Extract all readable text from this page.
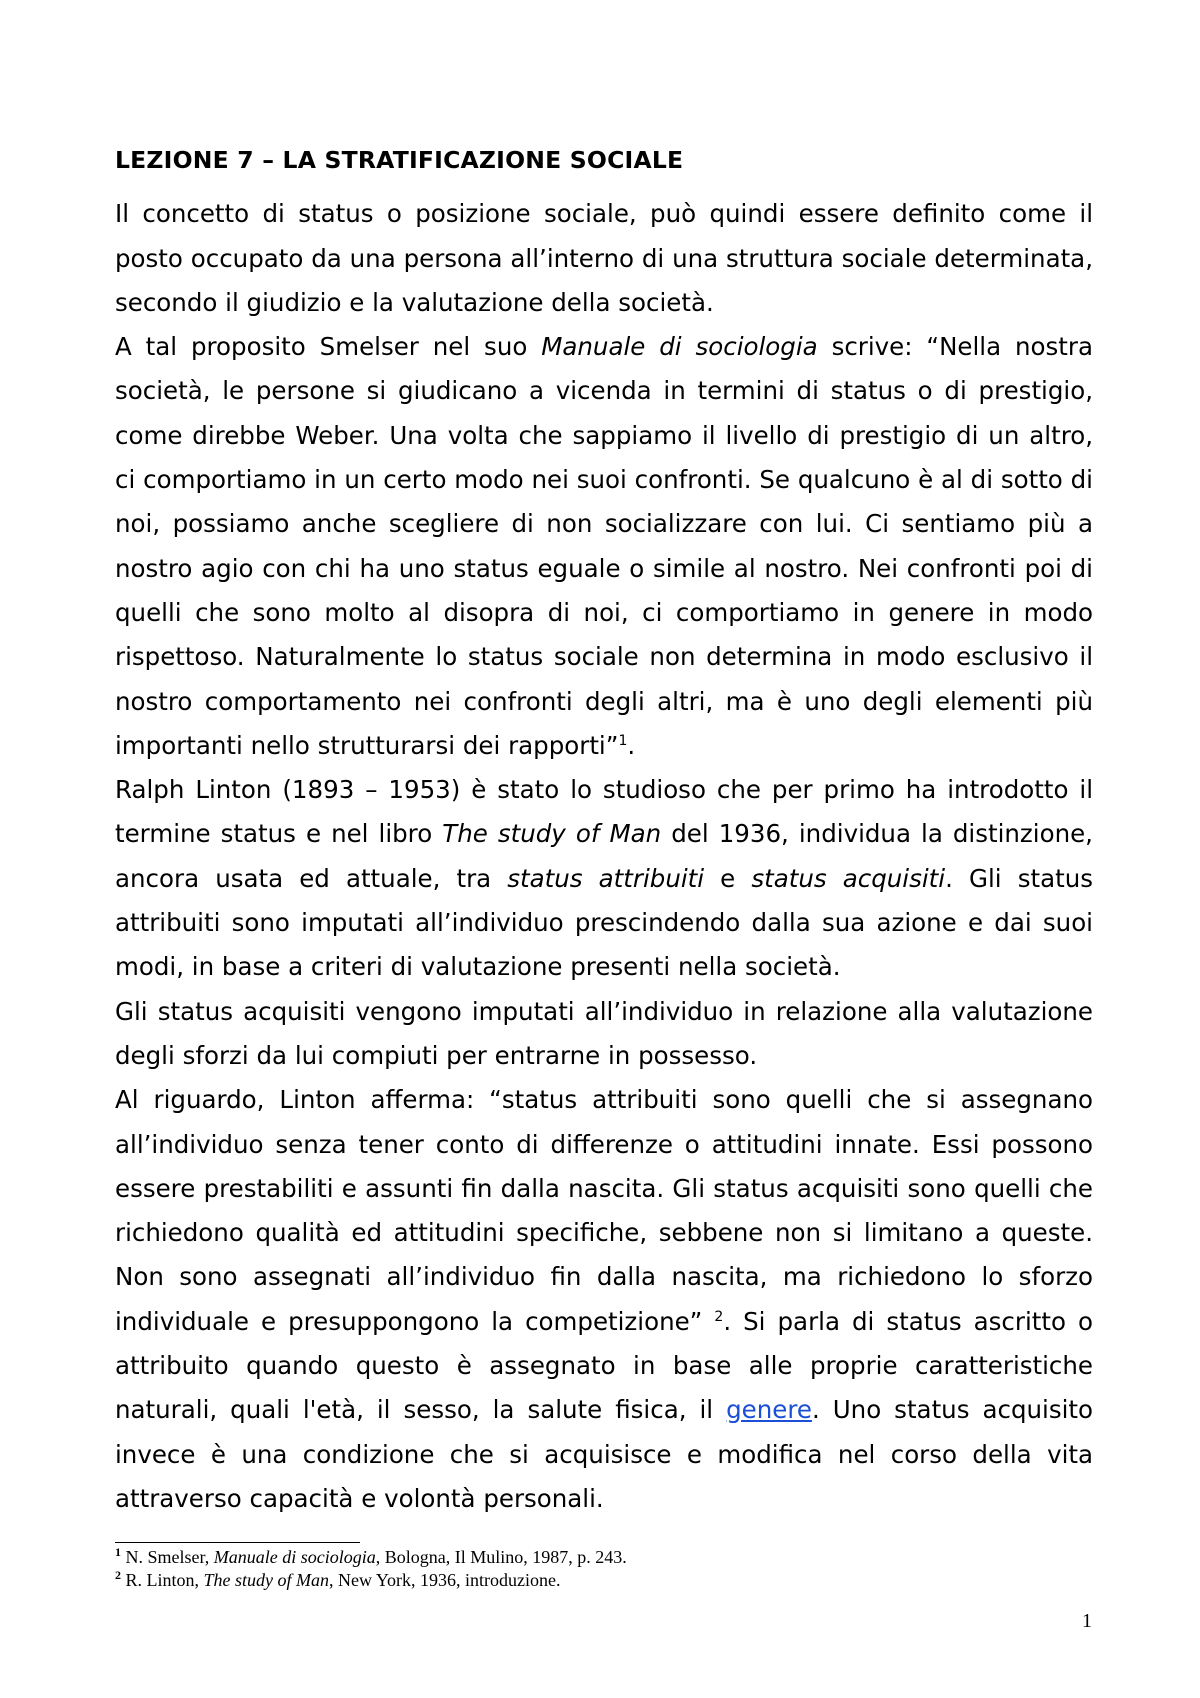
LEZIONE 7 – LA STRATIFICAZIONE SOCIALE

Il concetto di status o posizione sociale, può quindi essere definito come il posto occupato da una persona all’interno di una struttura sociale determinata, secondo il giudizio e la valutazione della società.

A tal proposito Smelser nel suo Manuale di sociologia scrive: “Nella nostra società, le persone si giudicano a vicenda in termini di status o di prestigio, come direbbe Weber. Una volta che sappiamo il livello di prestigio di un altro, ci comportiamo in un certo modo nei suoi confronti. Se qualcuno è al di sotto di noi, possiamo anche scegliere di non socializzare con lui. Ci sentiamo più a nostro agio con chi ha uno status eguale o simile al nostro. Nei confronti poi di quelli che sono molto al disopra di noi, ci comportiamo in genere in modo rispettoso. Naturalmente lo status sociale non determina in modo esclusivo il nostro comportamento nei confronti degli altri, ma è uno degli elementi più importanti nello strutturarsi dei rapporti”$^1$.

Ralph Linton (1893 – 1953) è stato lo studioso che per primo ha introdotto il termine status e nel libro The study of Man del 1936, individua la distinzione, ancora usata ed attuale, tra status attribuiti e status acquisiti. Gli status attribuiti sono imputati all’individuo prescindendo dalla sua azione e dai suoi modi, in base a criteri di valutazione presenti nella società.

Gli status acquisiti vengono imputati all’individuo in relazione alla valutazione degli sforzi da lui compiuti per entrarne in possesso.

Al riguardo, Linton afferma: “status attribuiti sono quelli che si assegnano all’individuo senza tener conto di differenze o attitudini innate. Essi possono essere prestabiliti e assunti fin dalla nascita. Gli status acquisiti sono quelli che richiedono qualità ed attitudini specifiche, sebbene non si limitano a queste. Non sono assegnati all’individuo fin dalla nascita, ma richiedono lo sforzo individuale e presuppongono la competizione” $^2$. Si parla di status ascritto o attribuito quando questo è assegnato in base alle proprie caratteristiche naturali, quali l'età, il sesso, la salute fisica, il genere. Uno status acquisito invece è una condizione che si acquisisce e modifica nel corso della vita attraverso capacità e volontà personali.

$^1$ N. Smelser, Manuale di sociologia, Bologna, Il Mulino, 1987, p. 243.

$^2$ R. Linton, The study of Man, New York, 1936, introduzione.

1
